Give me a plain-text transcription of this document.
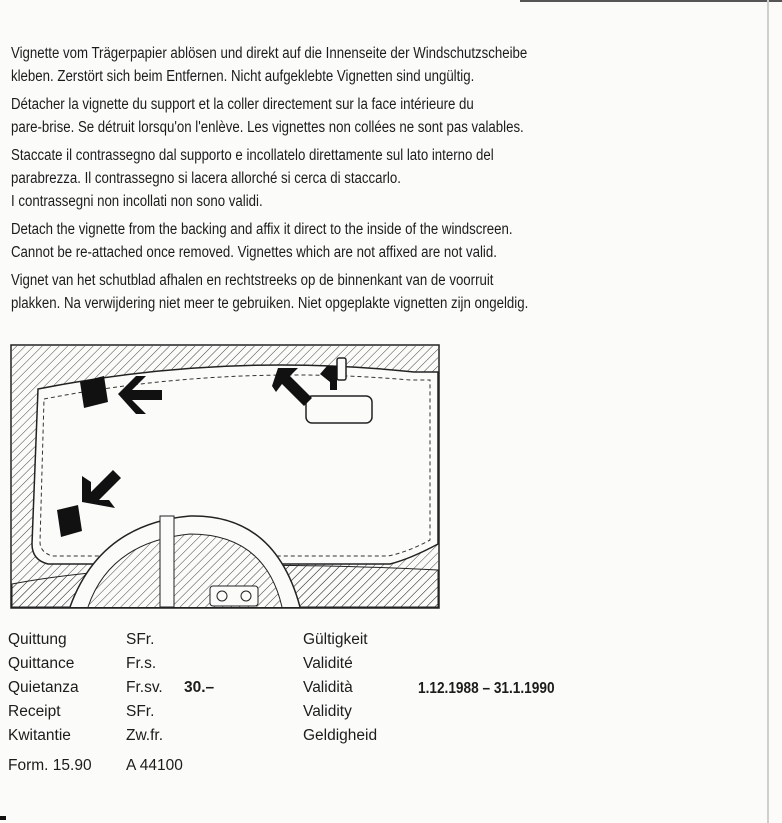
Vignette vom Trägerpapier ablösen und direkt auf die Innenseite der Windschutzscheibe
kleben. Zerstört sich beim Entfernen. Nicht aufgeklebte Vignetten sind ungültig.
Détacher la vignette du support et la coller directement sur la face intérieure du
pare-brise. Se détruit lorsqu'on l'enlève. Les vignettes non collées ne sont pas valables.
Staccate il contrassegno dal supporto e incollatelo direttamente sul lato interno del
parabrezza. Il contrassegno si lacera allorché si cerca di staccarlo.
I contrassegni non incollati non sono validi.
Detach the vignette from the backing and affix it direct to the inside of the windscreen.
Cannot be re-attached once removed. Vignettes which are not affixed are not valid.
Vignet van het schutblad afhalen en rechtstreeks op de binnenkant van de voorruit
plakken. Na verwijdering niet meer te gebruiken. Niet opgeplakte vignetten zijn ongeldig.
Quittung
Quittance
Quietanza
Receipt
Kwitantie
Form. 15.90
SFr.
Fr.s.
Fr.sv.
SFr.
Zw.fr.
A 44100
30.–
Gültigkeit
Validité
Validità
Validity
Geldigheid
1.12.1988 – 31.1.1990
